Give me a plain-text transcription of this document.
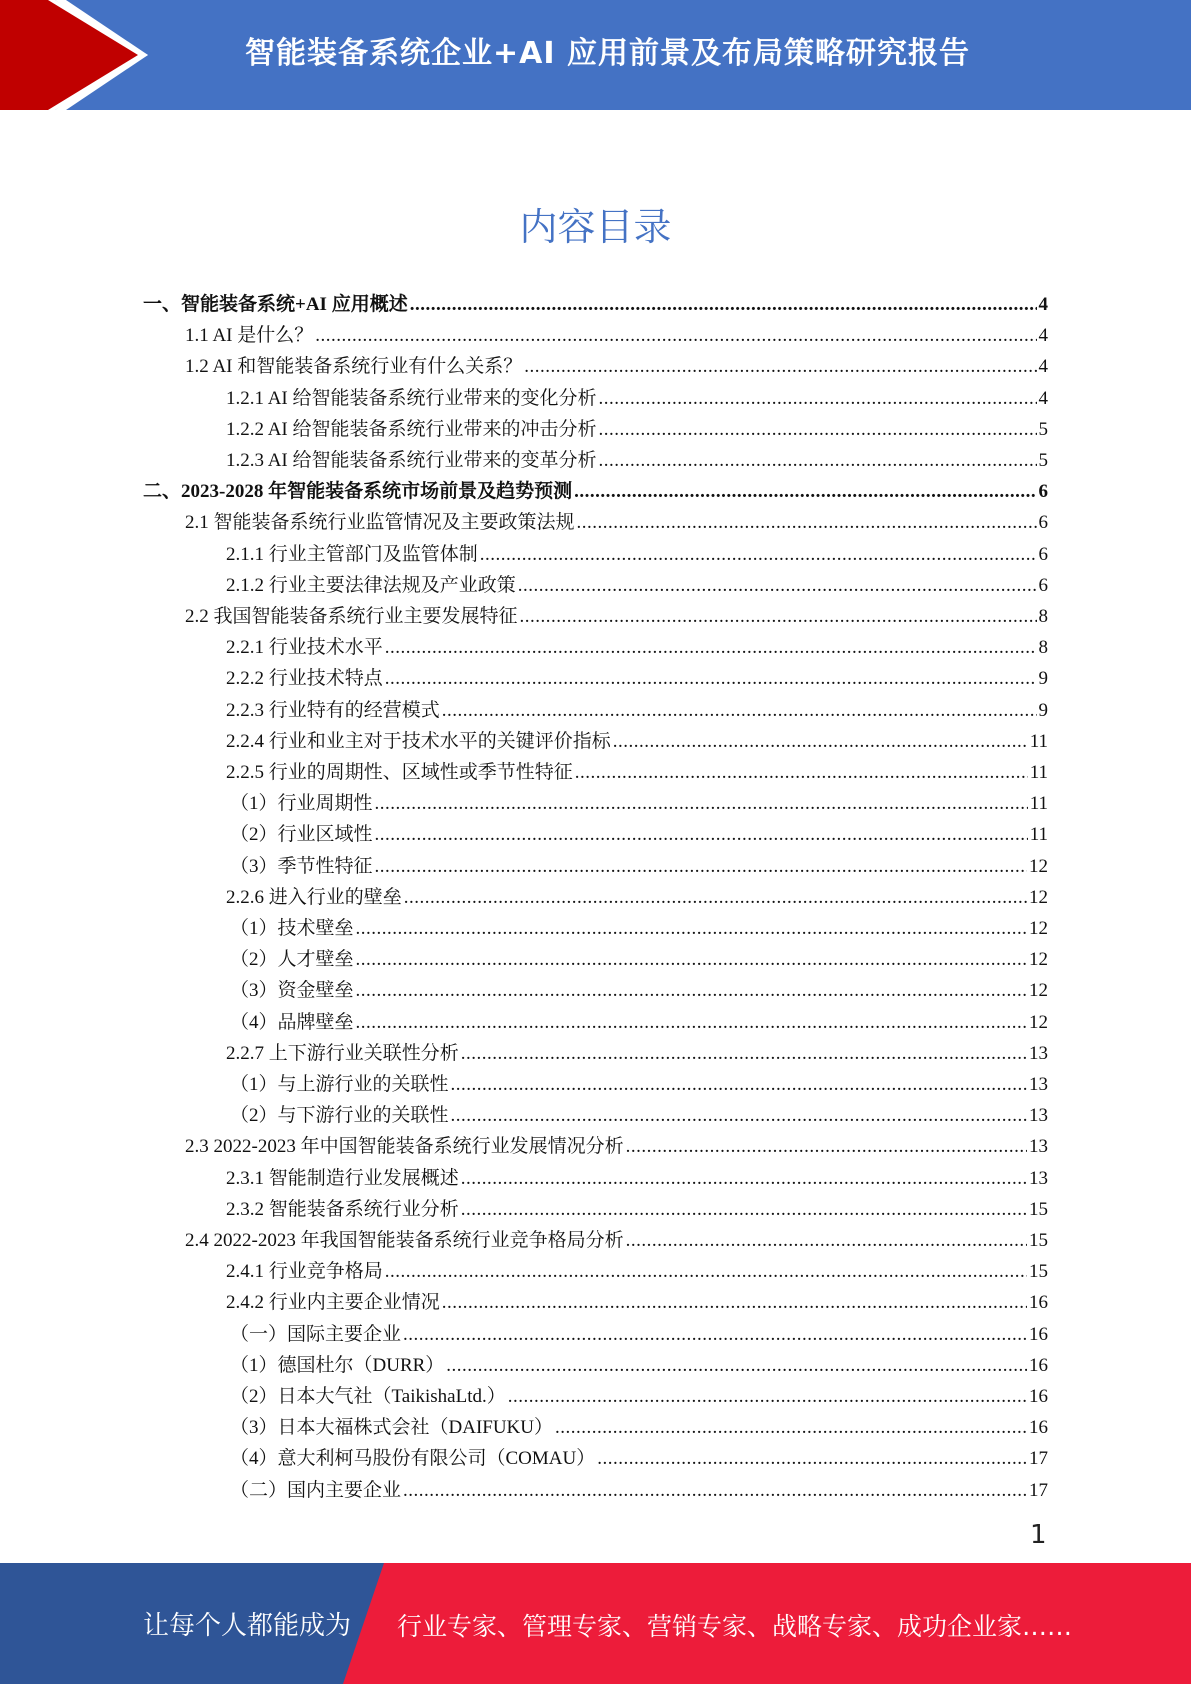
智能装备系统企业+AI 应用前景及布局策略研究报告
内容目录
一、智能装备系统+AI 应用概述 .....	4
1.1 AI 是什么？ .....	4
1.2 AI 和智能装备系统行业有什么关系？ .....	4
1.2.1 AI 给智能装备系统行业带来的变化分析 .....	4
1.2.2 AI 给智能装备系统行业带来的冲击分析 .....	5
1.2.3 AI 给智能装备系统行业带来的变革分析 .....	5
二、2023-2028 年智能装备系统市场前景及趋势预测 .....	6
2.1 智能装备系统行业监管情况及主要政策法规 .....	6
2.1.1 行业主管部门及监管体制 .....	6
2.1.2 行业主要法律法规及产业政策 .....	6
2.2 我国智能装备系统行业主要发展特征 .....	8
2.2.1 行业技术水平 .....	8
2.2.2 行业技术特点 .....	9
2.2.3 行业特有的经营模式 .....	9
2.2.4 行业和业主对于技术水平的关键评价指标 .....	11
2.2.5 行业的周期性、区域性或季节性特征 .....	11
（1）行业周期性 .....	11
（2）行业区域性 .....	11
（3）季节性特征 .....	12
2.2.6 进入行业的壁垒 .....	12
（1）技术壁垒 .....	12
（2）人才壁垒 .....	12
（3）资金壁垒 .....	12
（4）品牌壁垒 .....	12
2.2.7 上下游行业关联性分析 .....	13
（1）与上游行业的关联性 .....	13
（2）与下游行业的关联性 .....	13
2.3 2022-2023 年中国智能装备系统行业发展情况分析 .....	13
2.3.1 智能制造行业发展概述 .....	13
2.3.2 智能装备系统行业分析 .....	15
2.4 2022-2023 年我国智能装备系统行业竞争格局分析 .....	15
2.4.1 行业竞争格局 .....	15
2.4.2 行业内主要企业情况 .....	16
（一）国际主要企业 .....	16
（1）德国杜尔（DURR） .....	16
（2）日本大气社（TaikishaLtd.） .....	16
（3）日本大福株式会社（DAIFUKU） .....	16
（4）意大利柯马股份有限公司（COMAU） .....	17
（二）国内主要企业 .....	17
1
让每个人都能成为 行业专家、管理专家、营销专家、战略专家、成功企业家……
